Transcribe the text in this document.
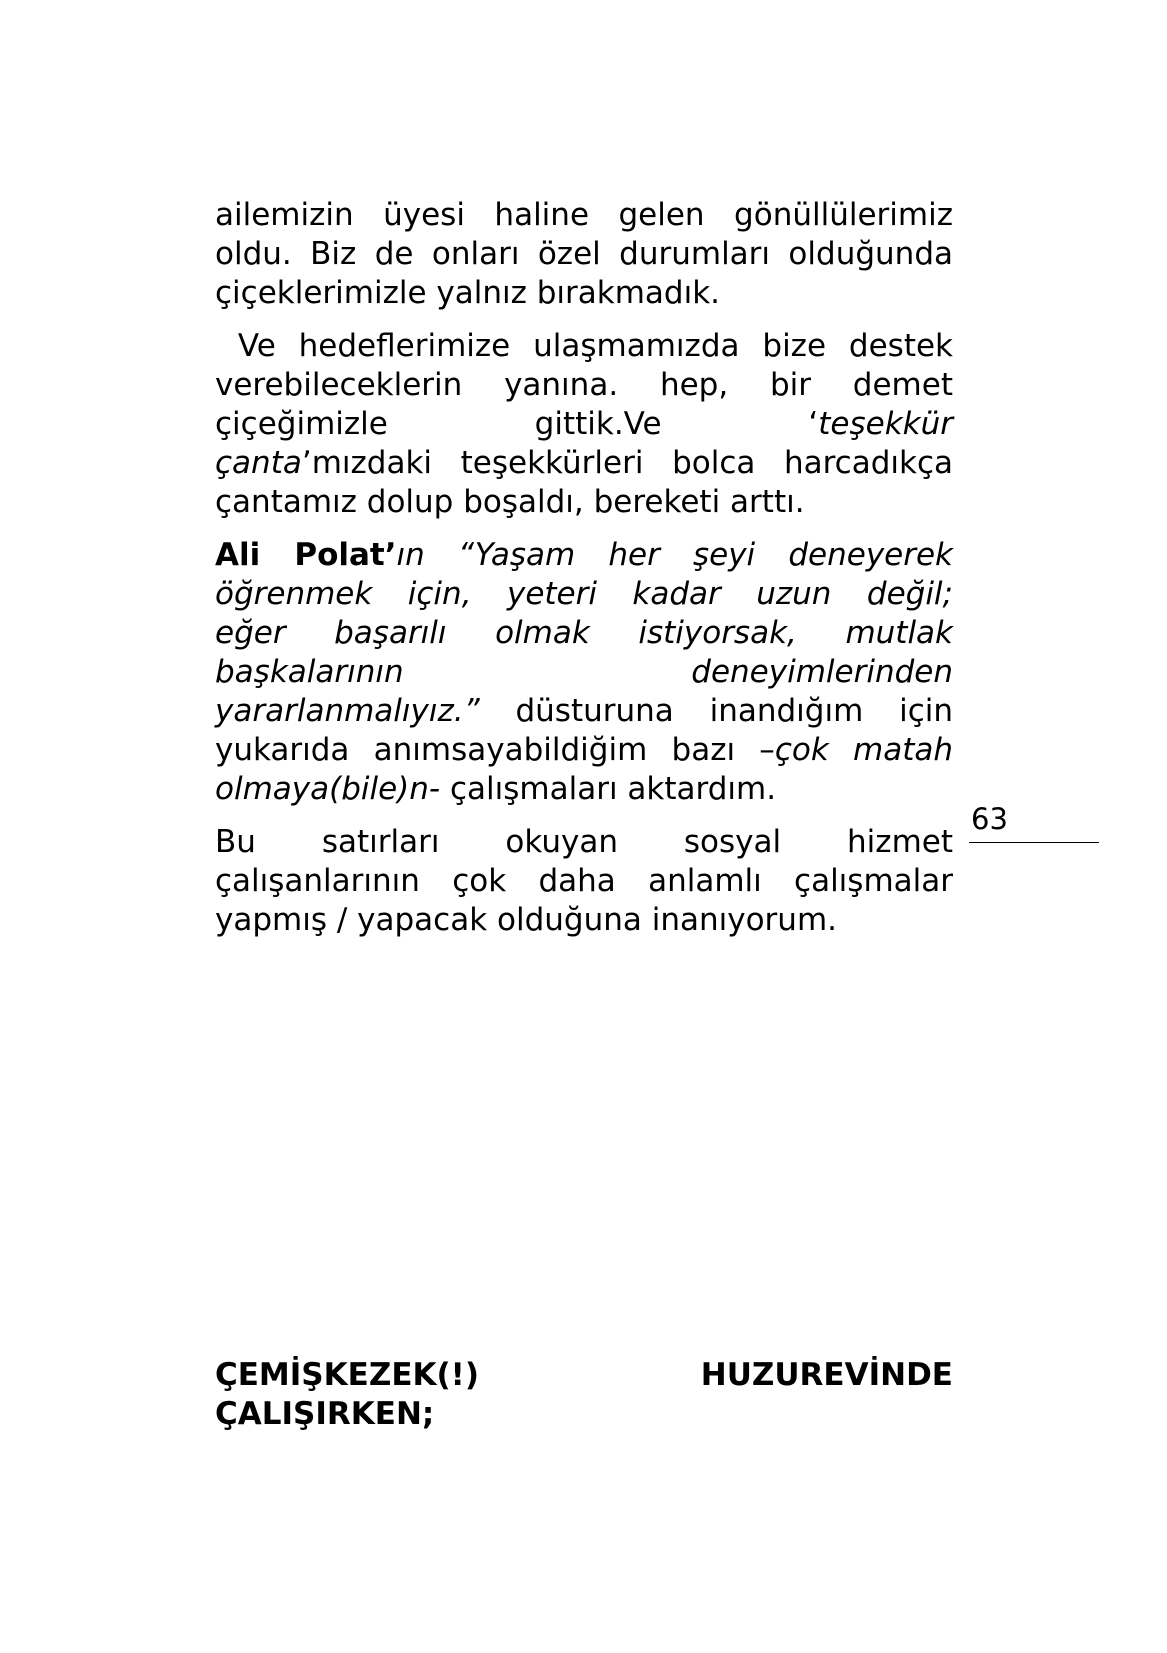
ailemizin üyesi haline gelen gönüllülerimiz
oldu. Biz de onları özel durumları olduğunda
çiçeklerimizle yalnız bırakmadık.

Ve hedeflerimize ulaşmamızda bize destek
verebileceklerin yanına. hep, bir demet
çiçeğimizle gittik.Ve ‘teşekkür
çanta’mızdaki teşekkürleri bolca harcadıkça
çantamız dolup boşaldı, bereketi arttı.

Ali Polat’ın “Yaşam her şeyi deneyerek
öğrenmek için, yeteri kadar uzun değil;
eğer başarılı olmak istiyorsak, mutlak
başkalarının deneyimlerinden
yararlanmalıyız.” düsturuna inandığım için
yukarıda anımsayabildiğim bazı –çok matah
olmaya(bile)n- çalışmaları aktardım.

Bu satırları okuyan sosyal hizmet
çalışanlarının çok daha anlamlı çalışmalar
yapmış / yapacak olduğuna inanıyorum.

63
ÇEMİŞKEZEK(!) HUZUREVİNDE
ÇALIŞIRKEN;
